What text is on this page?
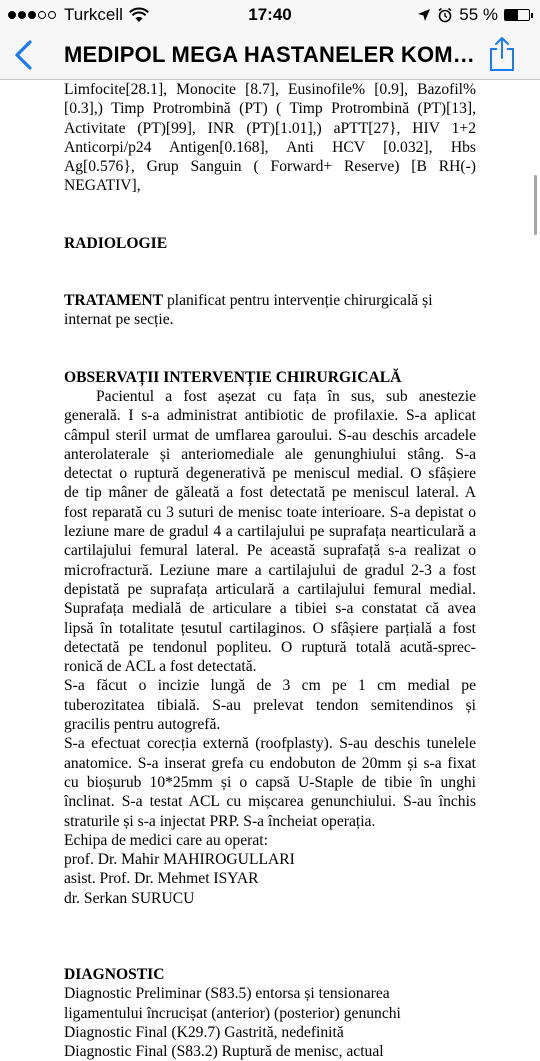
Turkcell	17:40	55 %
MEDIPOL MEGA HASTANELER KOM…
Limfocite[28.1], Monocite [8.7], Eusinofile% [0.9], Bazofil%
[0.3],) Timp Protrombină (PT) ( Timp Protrombină (PT)[13],
Activitate (PT)[99], INR (PT)[1.01],) aPTT[27}, HIV 1+2
Anticorpi/p24 Antigen[0.168], Anti HCV [0.032], Hbs
Ag[0.576}, Grup Sanguin ( Forward+ Reserve) [B RH(-)
NEGATIV],
RADIOLOGIE
TRATAMENT planificat pentru intervenție chirurgicală și
internat pe secție.
OBSERVAȚII INTERVENȚIE CHIRURGICALĂ
Pacientul a fost așezat cu fața în sus, sub anestezie
generală. I s-a administrat antibiotic de profilaxie. S-a aplicat
câmpul steril urmat de umflarea garoului. S-au deschis arcadele
anterolaterale și anteriomediale ale genunghiului stâng. S-a
detectat o ruptură degenerativă pe meniscul medial. O sfâșiere
de tip mâner de găleată a fost detectată pe meniscul lateral. A
fost reparată cu 3 suturi de menisc toate interioare. S-a depistat o
leziune mare de gradul 4 a cartilajului pe suprafața nearticulară a
cartilajului femural lateral. Pe această suprafață s-a realizat o
microfractură. Leziune mare a cartilajului de gradul 2-3 a fost
depistată pe suprafața articulară a cartilajului femural medial.
Suprafața medială de articulare a tibiei s-a constatat că avea
lipsă în totalitate țesutul cartilaginos. O sfâșiere parțială a fost
detectată pe tendonul popliteu. O ruptură totală acută-sprec-
ronică de ACL a fost detectată.
S-a făcut o incizie lungă de 3 cm pe 1 cm medial pe
tuberozitatea tibială. S-au prelevat tendon semitendinos și
gracilis pentru autogrefă.
S-a efectuat corecția externă (roofplasty). S-au deschis tunelele
anatomice. S-a inserat grefa cu endobuton de 20mm și s-a fixat
cu bioșurub 10*25mm și o capsă U-Staple de tibie în unghi
înclinat. S-a testat ACL cu mișcarea genunchiului. S-au închis
straturile și s-a injectat PRP. S-a încheiat operația.
Echipa de medici care au operat:
prof. Dr. Mahir MAHIROGULLARI
asist. Prof. Dr. Mehmet ISYAR
dr. Serkan SURUCU
DIAGNOSTIC
Diagnostic Preliminar (S83.5) entorsa și tensionarea
ligamentului încrucișat (anterior) (posterior) genunchi
Diagnostic Final (K29.7) Gastrită, nedefinită
Diagnostic Final (S83.2) Ruptură de menisc, actual
